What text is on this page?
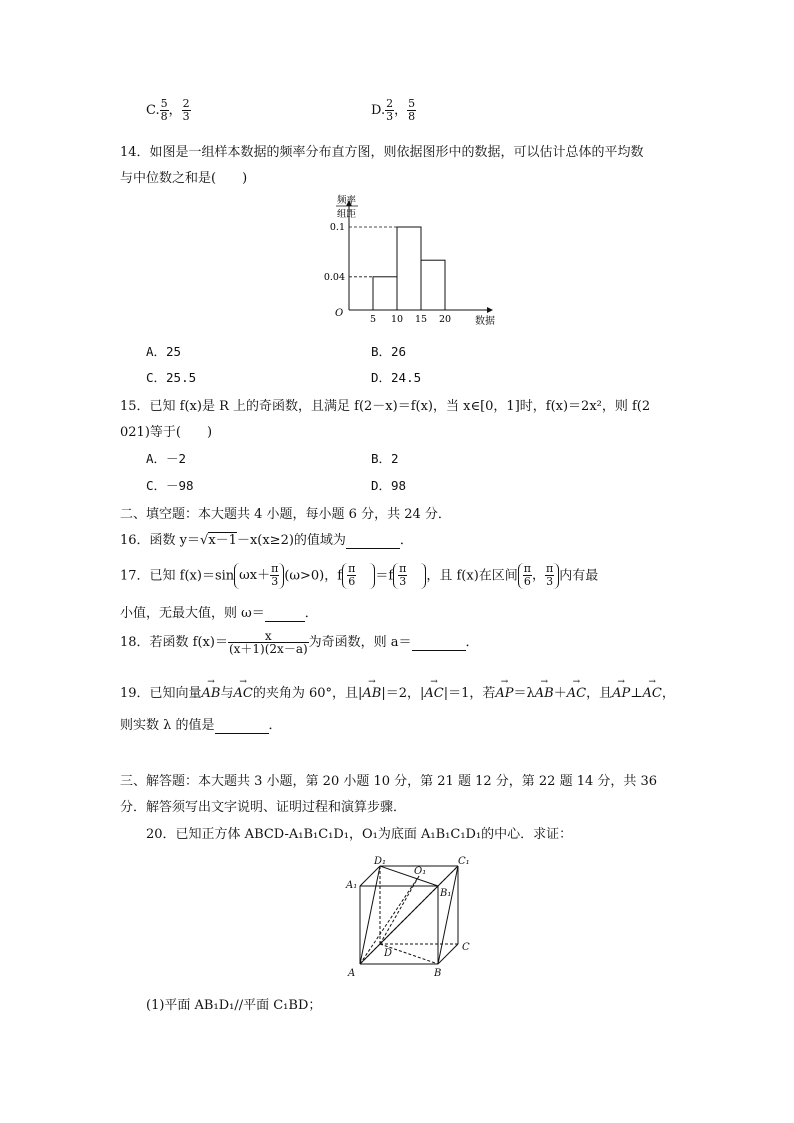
C. $\frac{5}{8}$ ， $\frac{2}{3}$	D. $\frac{2}{3}$ ， $\frac{5}{8}$
14．如图是一组样本数据的频率分布直方图，则依据图形中的数据，可以估计总体的平均数
与中位数之和是(　　)
频率
组距
数据
O
5 10 15 20
0.04
0.1
A．25	B．26
C．25.5	D．24.5
15．已知 f(x)是 R 上的奇函数，且满足 f(2－x)＝f(x)，当 x∈[0，1]时，f(x)＝2x²，则 f(2
021)等于(　　)
A．－2	B．2
C．－98	D．98
二、填空题：本大题共 4 小题，每小题 6 分，共 24 分．
16．函数 y＝√x－1－x(x≥2)的值域为	．
17．已知 f(x)＝sin $\omega x+ \frac{\pi}{3} (\omega>0)$，f $\frac{\pi}{6} =f \frac{\pi}{3}$ ，且 f(x)在区间 $\frac{\pi}{6}$ ， $\frac{\pi}{3}$ 内有最
小值，无最大值，则 ω＝	．
18．若函数 $f(x)= \frac{x}{(x+1)(2x-a)}$ 为奇函数，则 a＝	．
19．已知向量→ AB与→ AC的夹角为 60°，且|→ AB|＝2，|→ AC|＝1，若→ AP＝λ→ AB＋→ AC，且→ AP⊥→ AC，
则实数 λ 的值是	．
三、解答题：本大题共 3 小题，第 20 小题 10 分，第 21 题 12 分，第 22 题 14 分，共 36
分．解答须写出文字说明、证明过程和演算步骤．
20．已知正方体 ABCD-A₁B₁C₁D₁，O₁为底面 A₁B₁C₁D₁的中心．求证：
A	B
C
D
A₁
B₁
C₁
D₁
O₁
(1)平面 AB₁D₁//平面 C₁BD；
